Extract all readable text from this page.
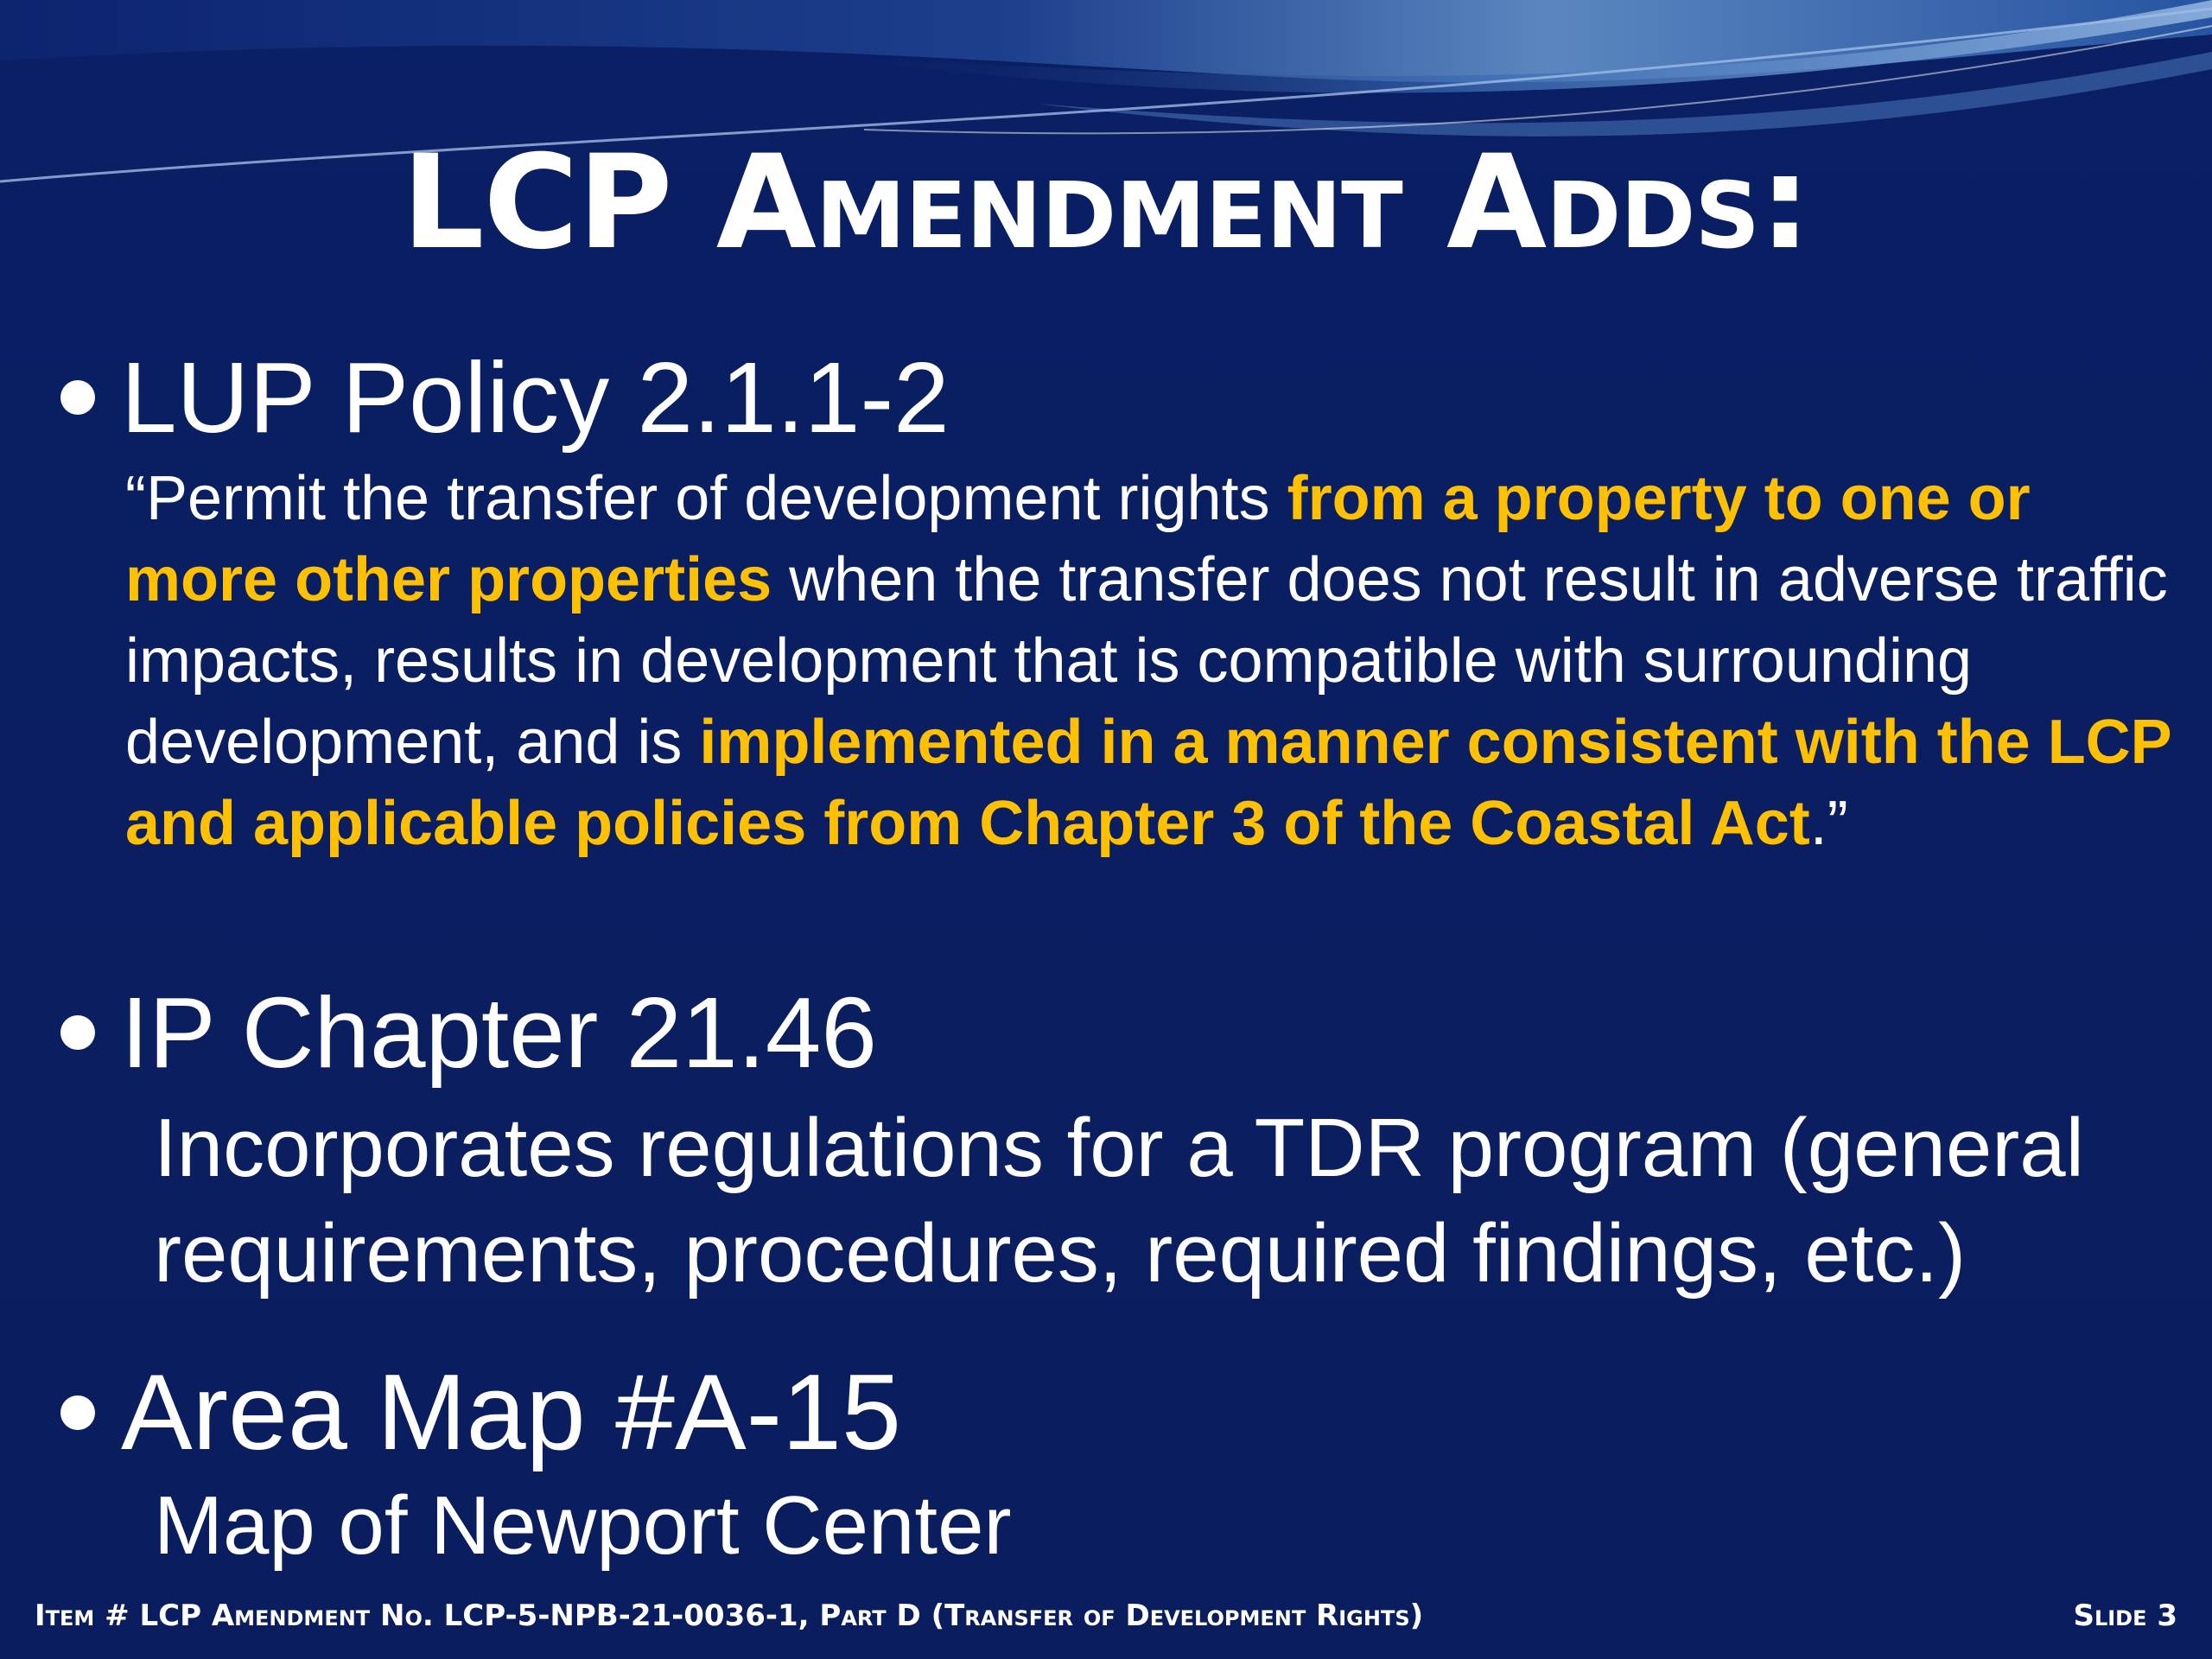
LCP Amendment Adds:
LUP Policy 2.1.1-2

“Permit the transfer of development rights from a property to one or more other properties when the transfer does not result in adverse traffic impacts, results in development that is compatible with surrounding development, and is implemented in a manner consistent with the LCP and applicable policies from Chapter 3 of the Coastal Act.”

IP Chapter 21.46

Incorporates regulations for a TDR program (general requirements, procedures, required findings, etc.)

Area Map #A-15

Map of Newport Center

Item # LCP Amendment No. LCP-5-NPB-21-0036-1, Part D (Transfer of Development Rights)	Slide 3
